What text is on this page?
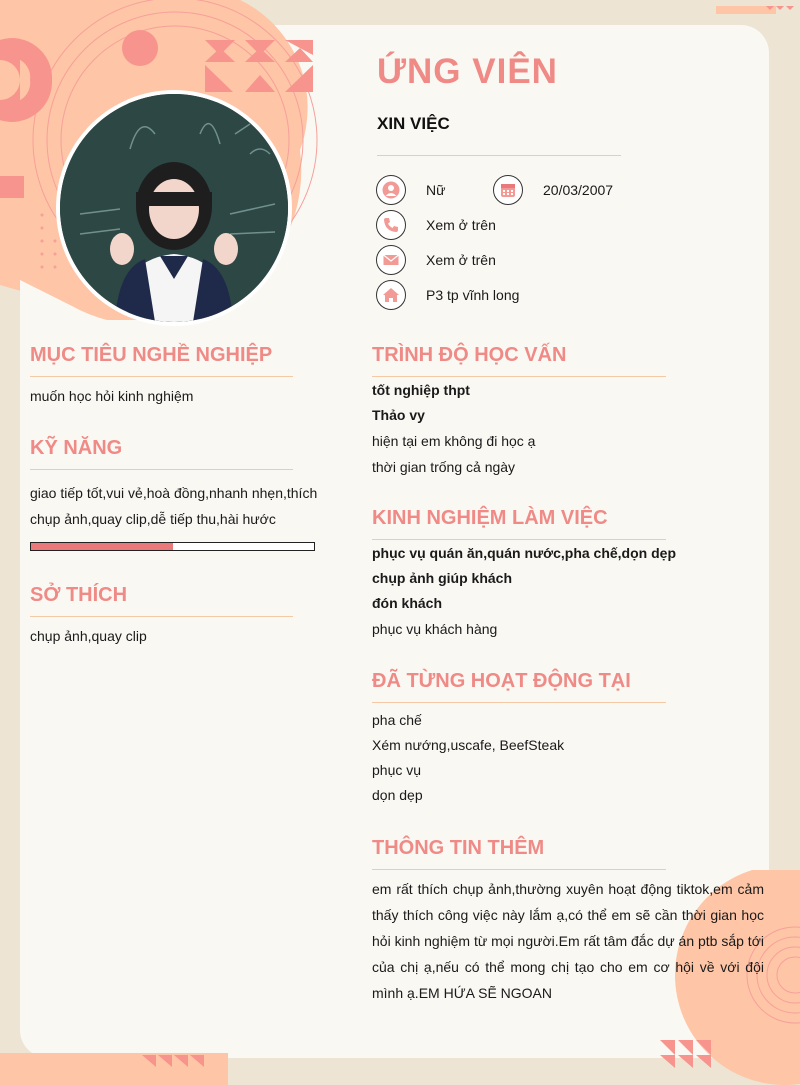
ỨNG VIÊN
XIN VIỆC
Nữ	20/03/2007
Xem ở trên
Xem ở trên
P3 tp vĩnh long
MỤC TIÊU NGHỀ NGHIỆP
muốn học hỏi kinh nghiệm
KỸ NĂNG
giao tiếp tốt,vui vẻ,hoà đồng,nhanh nhẹn,thích
chụp ảnh,quay clip,dễ tiếp thu,hài hước
SỞ THÍCH
chụp ảnh,quay clip
TRÌNH ĐỘ HỌC VẤN
tốt nghiệp thpt
Thảo vy
hiện tại em không đi học ạ
thời gian trống cả ngày
KINH NGHIỆM LÀM VIỆC
phục vụ quán ăn,quán nước,pha chế,dọn dẹp
chụp ảnh giúp khách
đón khách
phục vụ khách hàng
ĐÃ TỪNG HOẠT ĐỘNG TẠI
pha chế
Xém nướng,uscafe, BeefSteak
phục vụ
dọn dẹp
THÔNG TIN THÊM
em rất thích chụp ảnh,thường xuyên hoạt động tiktok,em cảm thấy thích công việc này lắm ạ,có thể em sẽ cần thời gian học hỏi kinh nghiệm từ mọi người.Em rất tâm đắc dự án ptb sắp tới của chị ạ,nếu có thể mong chị tạo cho em cơ hội về với đội mình ạ.EM HỨA SẼ NGOAN
